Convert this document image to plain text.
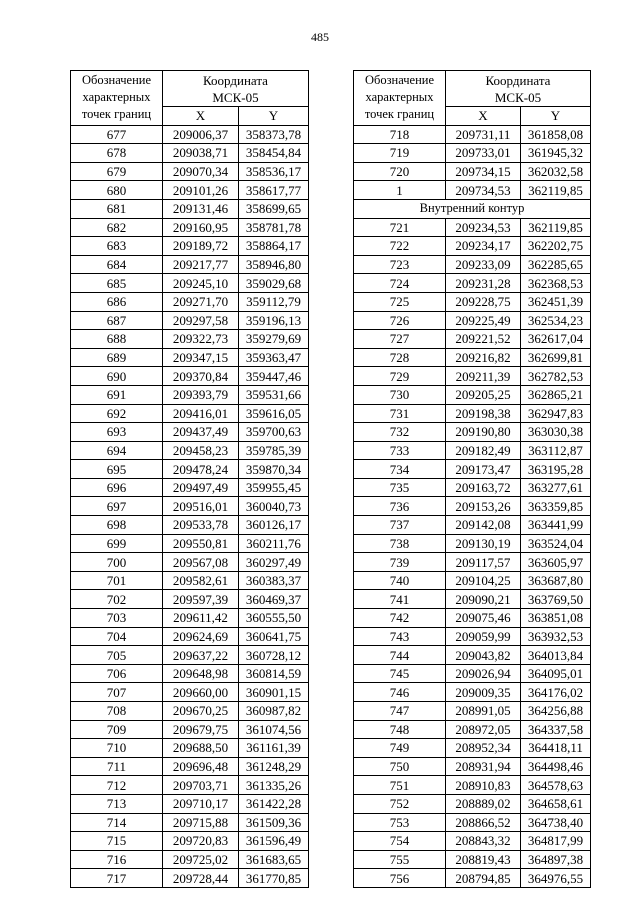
485
Обозначение
характерных
точек границ	Координата
МСК-05	
	X	Y
677	209006,37	358373,78
678	209038,71	358454,84
679	209070,34	358536,17
680	209101,26	358617,77
681	209131,46	358699,65
682	209160,95	358781,78
683	209189,72	358864,17
684	209217,77	358946,80
685	209245,10	359029,68
686	209271,70	359112,79
687	209297,58	359196,13
688	209322,73	359279,69
689	209347,15	359363,47
690	209370,84	359447,46
691	209393,79	359531,66
692	209416,01	359616,05
693	209437,49	359700,63
694	209458,23	359785,39
695	209478,24	359870,34
696	209497,49	359955,45
697	209516,01	360040,73
698	209533,78	360126,17
699	209550,81	360211,76
700	209567,08	360297,49
701	209582,61	360383,37
702	209597,39	360469,37
703	209611,42	360555,50
704	209624,69	360641,75
705	209637,22	360728,12
706	209648,98	360814,59
707	209660,00	360901,15
708	209670,25	360987,82
709	209679,75	361074,56
710	209688,50	361161,39
711	209696,48	361248,29
712	209703,71	361335,26
713	209710,17	361422,28
714	209715,88	361509,36
715	209720,83	361596,49
716	209725,02	361683,65
717	209728,44	361770,85
Обозначение
характерных
точек границ	Координата
МСК-05	
	X	Y
718	209731,11	361858,08
719	209733,01	361945,32
720	209734,15	362032,58
1	209734,53	362119,85
Внутренний контур		
721	209234,53	362119,85
722	209234,17	362202,75
723	209233,09	362285,65
724	209231,28	362368,53
725	209228,75	362451,39
726	209225,49	362534,23
727	209221,52	362617,04
728	209216,82	362699,81
729	209211,39	362782,53
730	209205,25	362865,21
731	209198,38	362947,83
732	209190,80	363030,38
733	209182,49	363112,87
734	209173,47	363195,28
735	209163,72	363277,61
736	209153,26	363359,85
737	209142,08	363441,99
738	209130,19	363524,04
739	209117,57	363605,97
740	209104,25	363687,80
741	209090,21	363769,50
742	209075,46	363851,08
743	209059,99	363932,53
744	209043,82	364013,84
745	209026,94	364095,01
746	209009,35	364176,02
747	208991,05	364256,88
748	208972,05	364337,58
749	208952,34	364418,11
750	208931,94	364498,46
751	208910,83	364578,63
752	208889,02	364658,61
753	208866,52	364738,40
754	208843,32	364817,99
755	208819,43	364897,38
756	208794,85	364976,55
